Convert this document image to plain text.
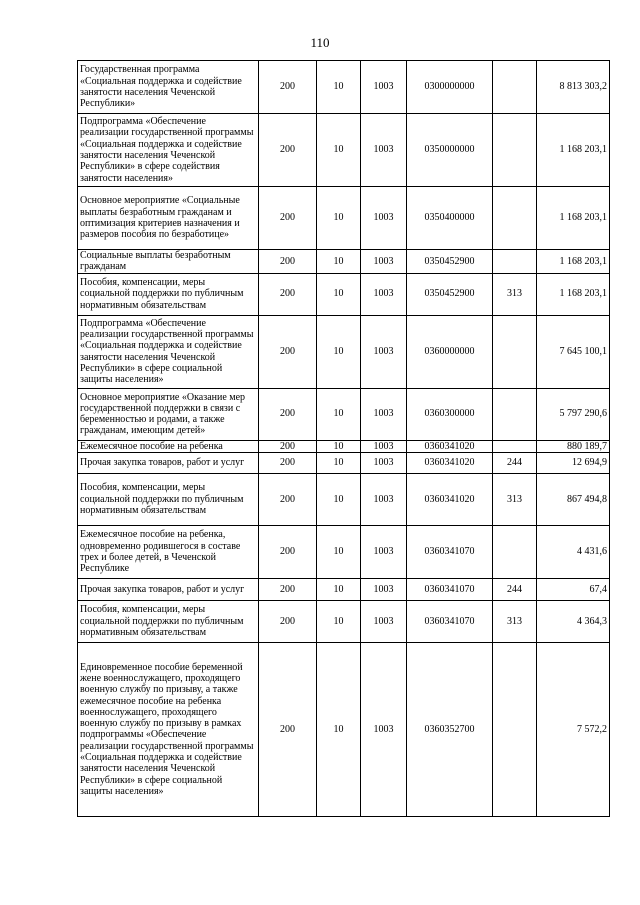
110
Государственная программа «Социальная поддержка и содействие занятости населения Чеченской Республики»	200	10	1003	0300000000		8 813 303,2
Подпрограмма «Обеспечение реализации государственной программы «Социальная поддержка и содействие занятости населения Чеченской Республики» в сфере содействия занятости населения»	200	10	1003	0350000000		1 168 203,1
Основное мероприятие «Социальные выплаты безработным гражданам и оптимизация критериев назначения и размеров пособия по безработице»	200	10	1003	0350400000		1 168 203,1
Социальные выплаты безработным гражданам	200	10	1003	0350452900		1 168 203,1
Пособия, компенсации, меры социальной поддержки по публичным нормативным обязательствам	200	10	1003	0350452900	313	1 168 203,1
Подпрограмма «Обеспечение реализации государственной программы «Социальная поддержка и содействие занятости населения Чеченской Республики» в сфере социальной защиты населения»	200	10	1003	0360000000		7 645 100,1
Основное мероприятие «Оказание мер государственной поддержки в связи с беременностью и родами, а также гражданам, имеющим детей»	200	10	1003	0360300000		5 797 290,6
Ежемесячное пособие на ребенка	200	10	1003	0360341020		880 189,7
Прочая закупка товаров, работ и услуг	200	10	1003	0360341020	244	12 694,9
Пособия, компенсации, меры социальной поддержки по публичным нормативным обязательствам	200	10	1003	0360341020	313	867 494,8
Ежемесячное пособие на ребенка, одновременно родившегося в составе трех и более детей, в Чеченской Республике	200	10	1003	0360341070		4 431,6
Прочая закупка товаров, работ и услуг	200	10	1003	0360341070	244	67,4
Пособия, компенсации, меры социальной поддержки по публичным нормативным обязательствам	200	10	1003	0360341070	313	4 364,3
Единовременное пособие беременной жене военнослужащего, проходящего военную службу по призыву, а также ежемесячное пособие на ребенка военнослужащего, проходящего военную службу по призыву в рамках подпрограммы «Обеспечение реализации государственной программы «Социальная поддержка и содействие занятости населения Чеченской Республики» в сфере социальной защиты населения»	200	10	1003	0360352700		7 572,2
